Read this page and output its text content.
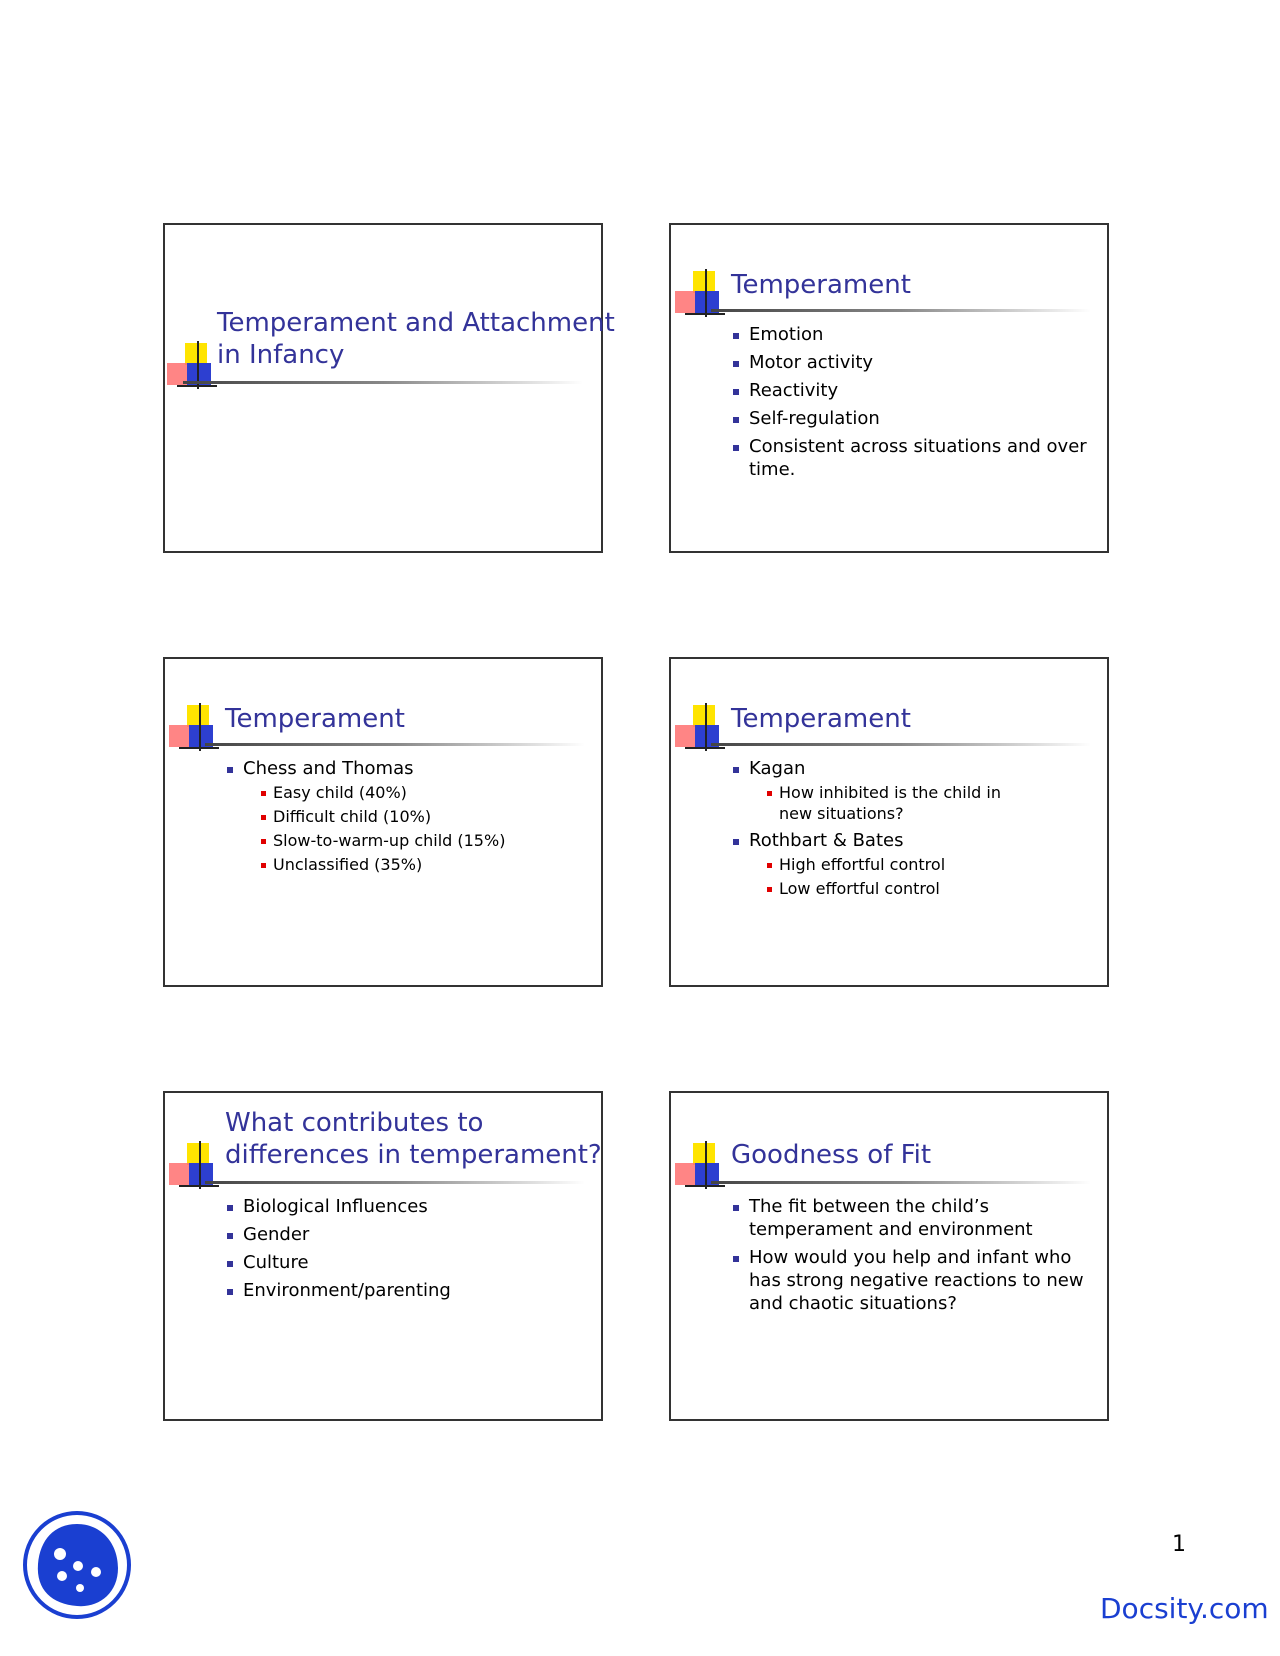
Temperament and Attachment
in Infancy
Temperament
Emotion
Motor activity
Reactivity
Self-regulation
Consistent across situations and over time.
Temperament
Chess and Thomas
Easy child (40%)
Difficult child (10%)
Slow-to-warm-up child (15%)
Unclassified (35%)
Temperament
Kagan
How inhibited is the child in new situations?
Rothbart & Bates
High effortful control
Low effortful control
What contributes to
differences in temperament?
Biological Influences
Gender
Culture
Environment/parenting
Goodness of Fit
The fit between the child’s temperament and environment
How would you help and infant who has strong negative reactions to new and chaotic situations?
1
Docsity.com
